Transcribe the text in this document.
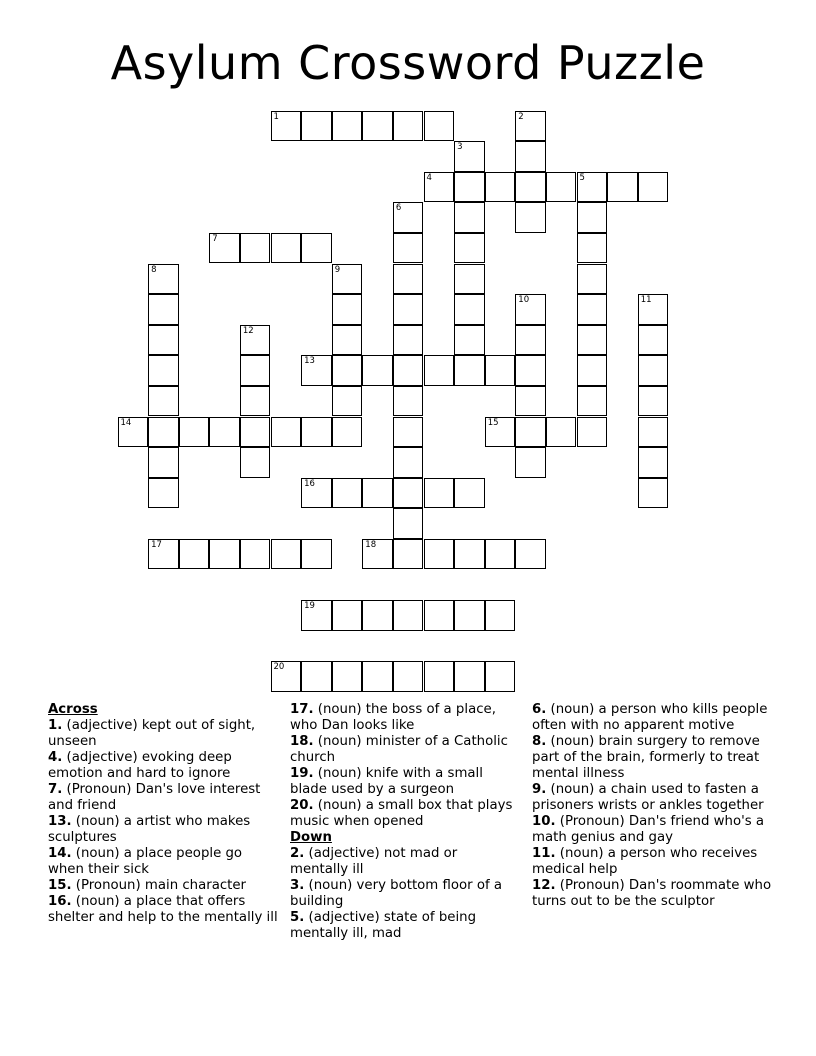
Asylum Crossword Puzzle
1	2
3
4	5
6
7
8	9
10	11
12
13
14	15
16
17	18
19
20

Across

1. (adjective) kept out of sight, unseen

4. (adjective) evoking deep emotion and hard to ignore

7. (Pronoun) Dan's love interest and friend

13. (noun) a artist who makes sculptures

14. (noun) a place people go when their sick

15. (Pronoun) main character

16. (noun) a place that offers shelter and help to the mentally ill

17. (noun) the boss of a place, who Dan looks like

18. (noun) minister of a Catholic church

19. (noun) knife with a small blade used by a surgeon

20. (noun) a small box that plays music when opened

Down

2. (adjective) not mad or mentally ill

3. (noun) very bottom floor of a building

5. (adjective) state of being mentally ill, mad

6. (noun) a person who kills people often with no apparent motive

8. (noun) brain surgery to remove part of the brain, formerly to treat mental illness

9. (noun) a chain used to fasten a prisoners wrists or ankles together

10. (Pronoun) Dan's friend who's a math genius and gay

11. (noun) a person who receives medical help

12. (Pronoun) Dan's roommate who turns out to be the sculptor
